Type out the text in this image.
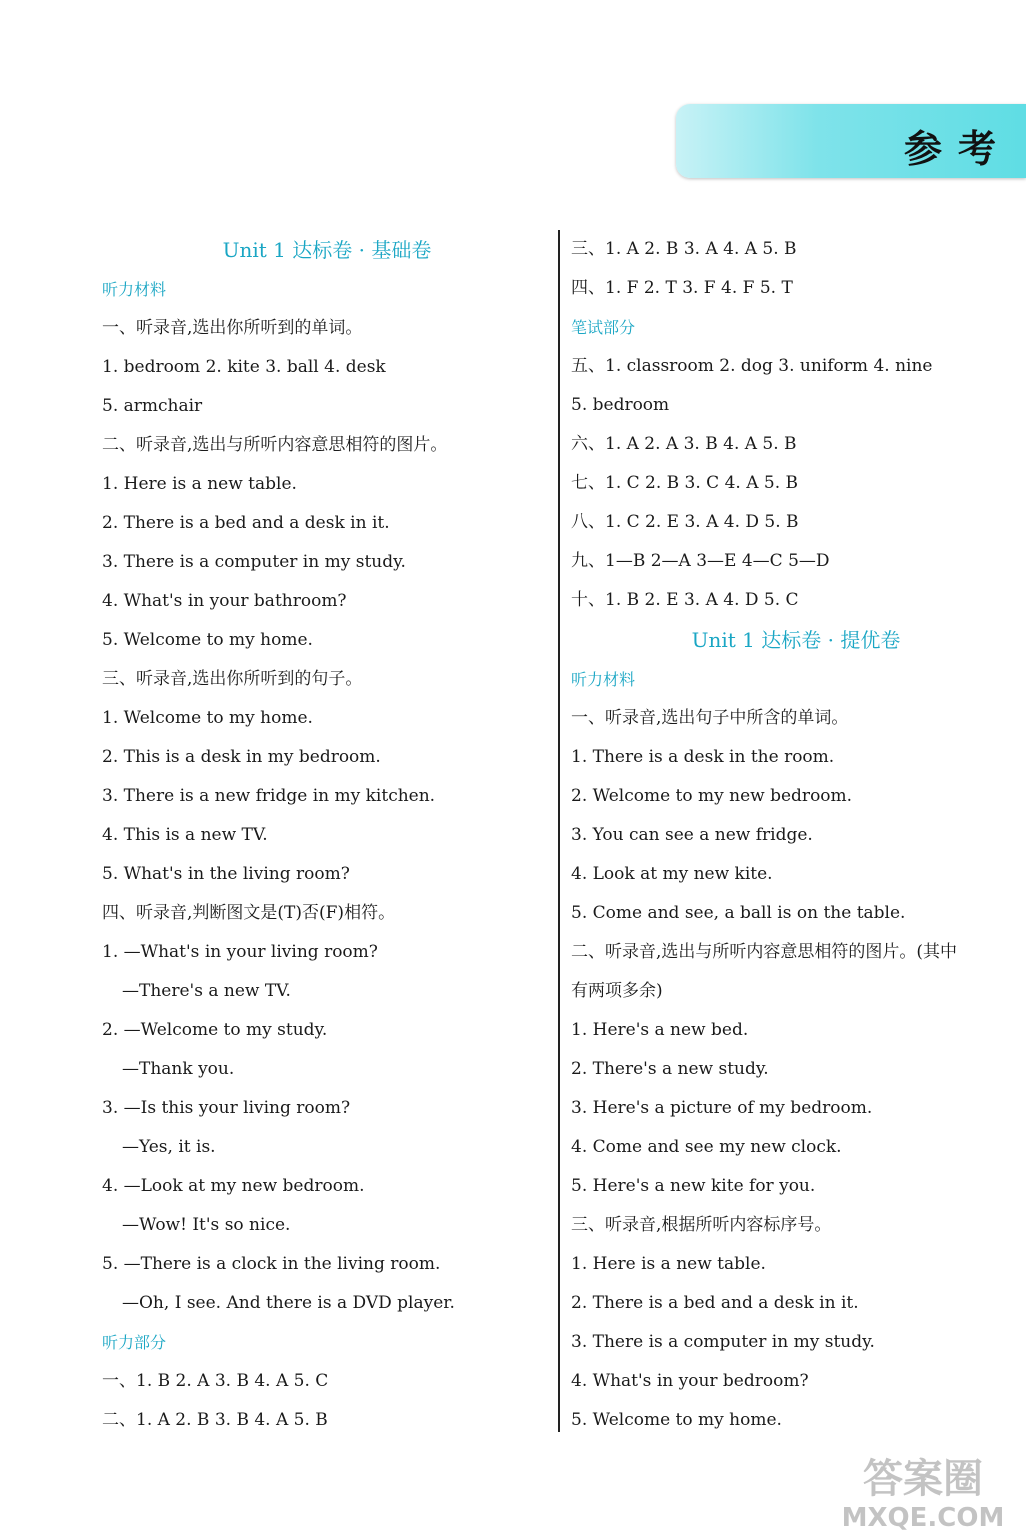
参考
Unit 1 达标卷 · 基础卷
听力材料
一、听录音,选出你所听到的单词。
1. bedroom 2. kite 3. ball 4. desk
5. armchair
二、听录音,选出与所听内容意思相符的图片。
1. Here is a new table.
2. There is a bed and a desk in it.
3. There is a computer in my study.
4. What's in your bathroom?
5. Welcome to my home.
三、听录音,选出你所听到的句子。
1. Welcome to my home.
2. This is a desk in my bedroom.
3. There is a new fridge in my kitchen.
4. This is a new TV.
5. What's in the living room?
四、听录音,判断图文是(T)否(F)相符。
1. —What's in your living room?
—There's a new TV.
2. —Welcome to my study.
—Thank you.
3. —Is this your living room?
—Yes, it is.
4. —Look at my new bedroom.
—Wow! It's so nice.
5. —There is a clock in the living room.
—Oh, I see. And there is a DVD player.
听力部分
一、1. B 2. A 3. B 4. A 5. C
二、1. A 2. B 3. B 4. A 5. B
三、1. A 2. B 3. A 4. A 5. B
四、1. F 2. T 3. F 4. F 5. T
笔试部分
五、1. classroom 2. dog 3. uniform 4. nine
5. bedroom
六、1. A 2. A 3. B 4. A 5. B
七、1. C 2. B 3. C 4. A 5. B
八、1. C 2. E 3. A 4. D 5. B
九、1—B 2—A 3—E 4—C 5—D
十、1. B 2. E 3. A 4. D 5. C
Unit 1 达标卷 · 提优卷
听力材料
一、听录音,选出句子中所含的单词。
1. There is a desk in the room.
2. Welcome to my new bedroom.
3. You can see a new fridge.
4. Look at my new kite.
5. Come and see, a ball is on the table.
二、听录音,选出与所听内容意思相符的图片。(其中
有两项多余)
1. Here's a new bed.
2. There's a new study.
3. Here's a picture of my bedroom.
4. Come and see my new clock.
5. Here's a new kite for you.
三、听录音,根据所听内容标序号。
1. Here is a new table.
2. There is a bed and a desk in it.
3. There is a computer in my study.
4. What's in your bedroom?
5. Welcome to my home.
答案圈
MXQE.COM
